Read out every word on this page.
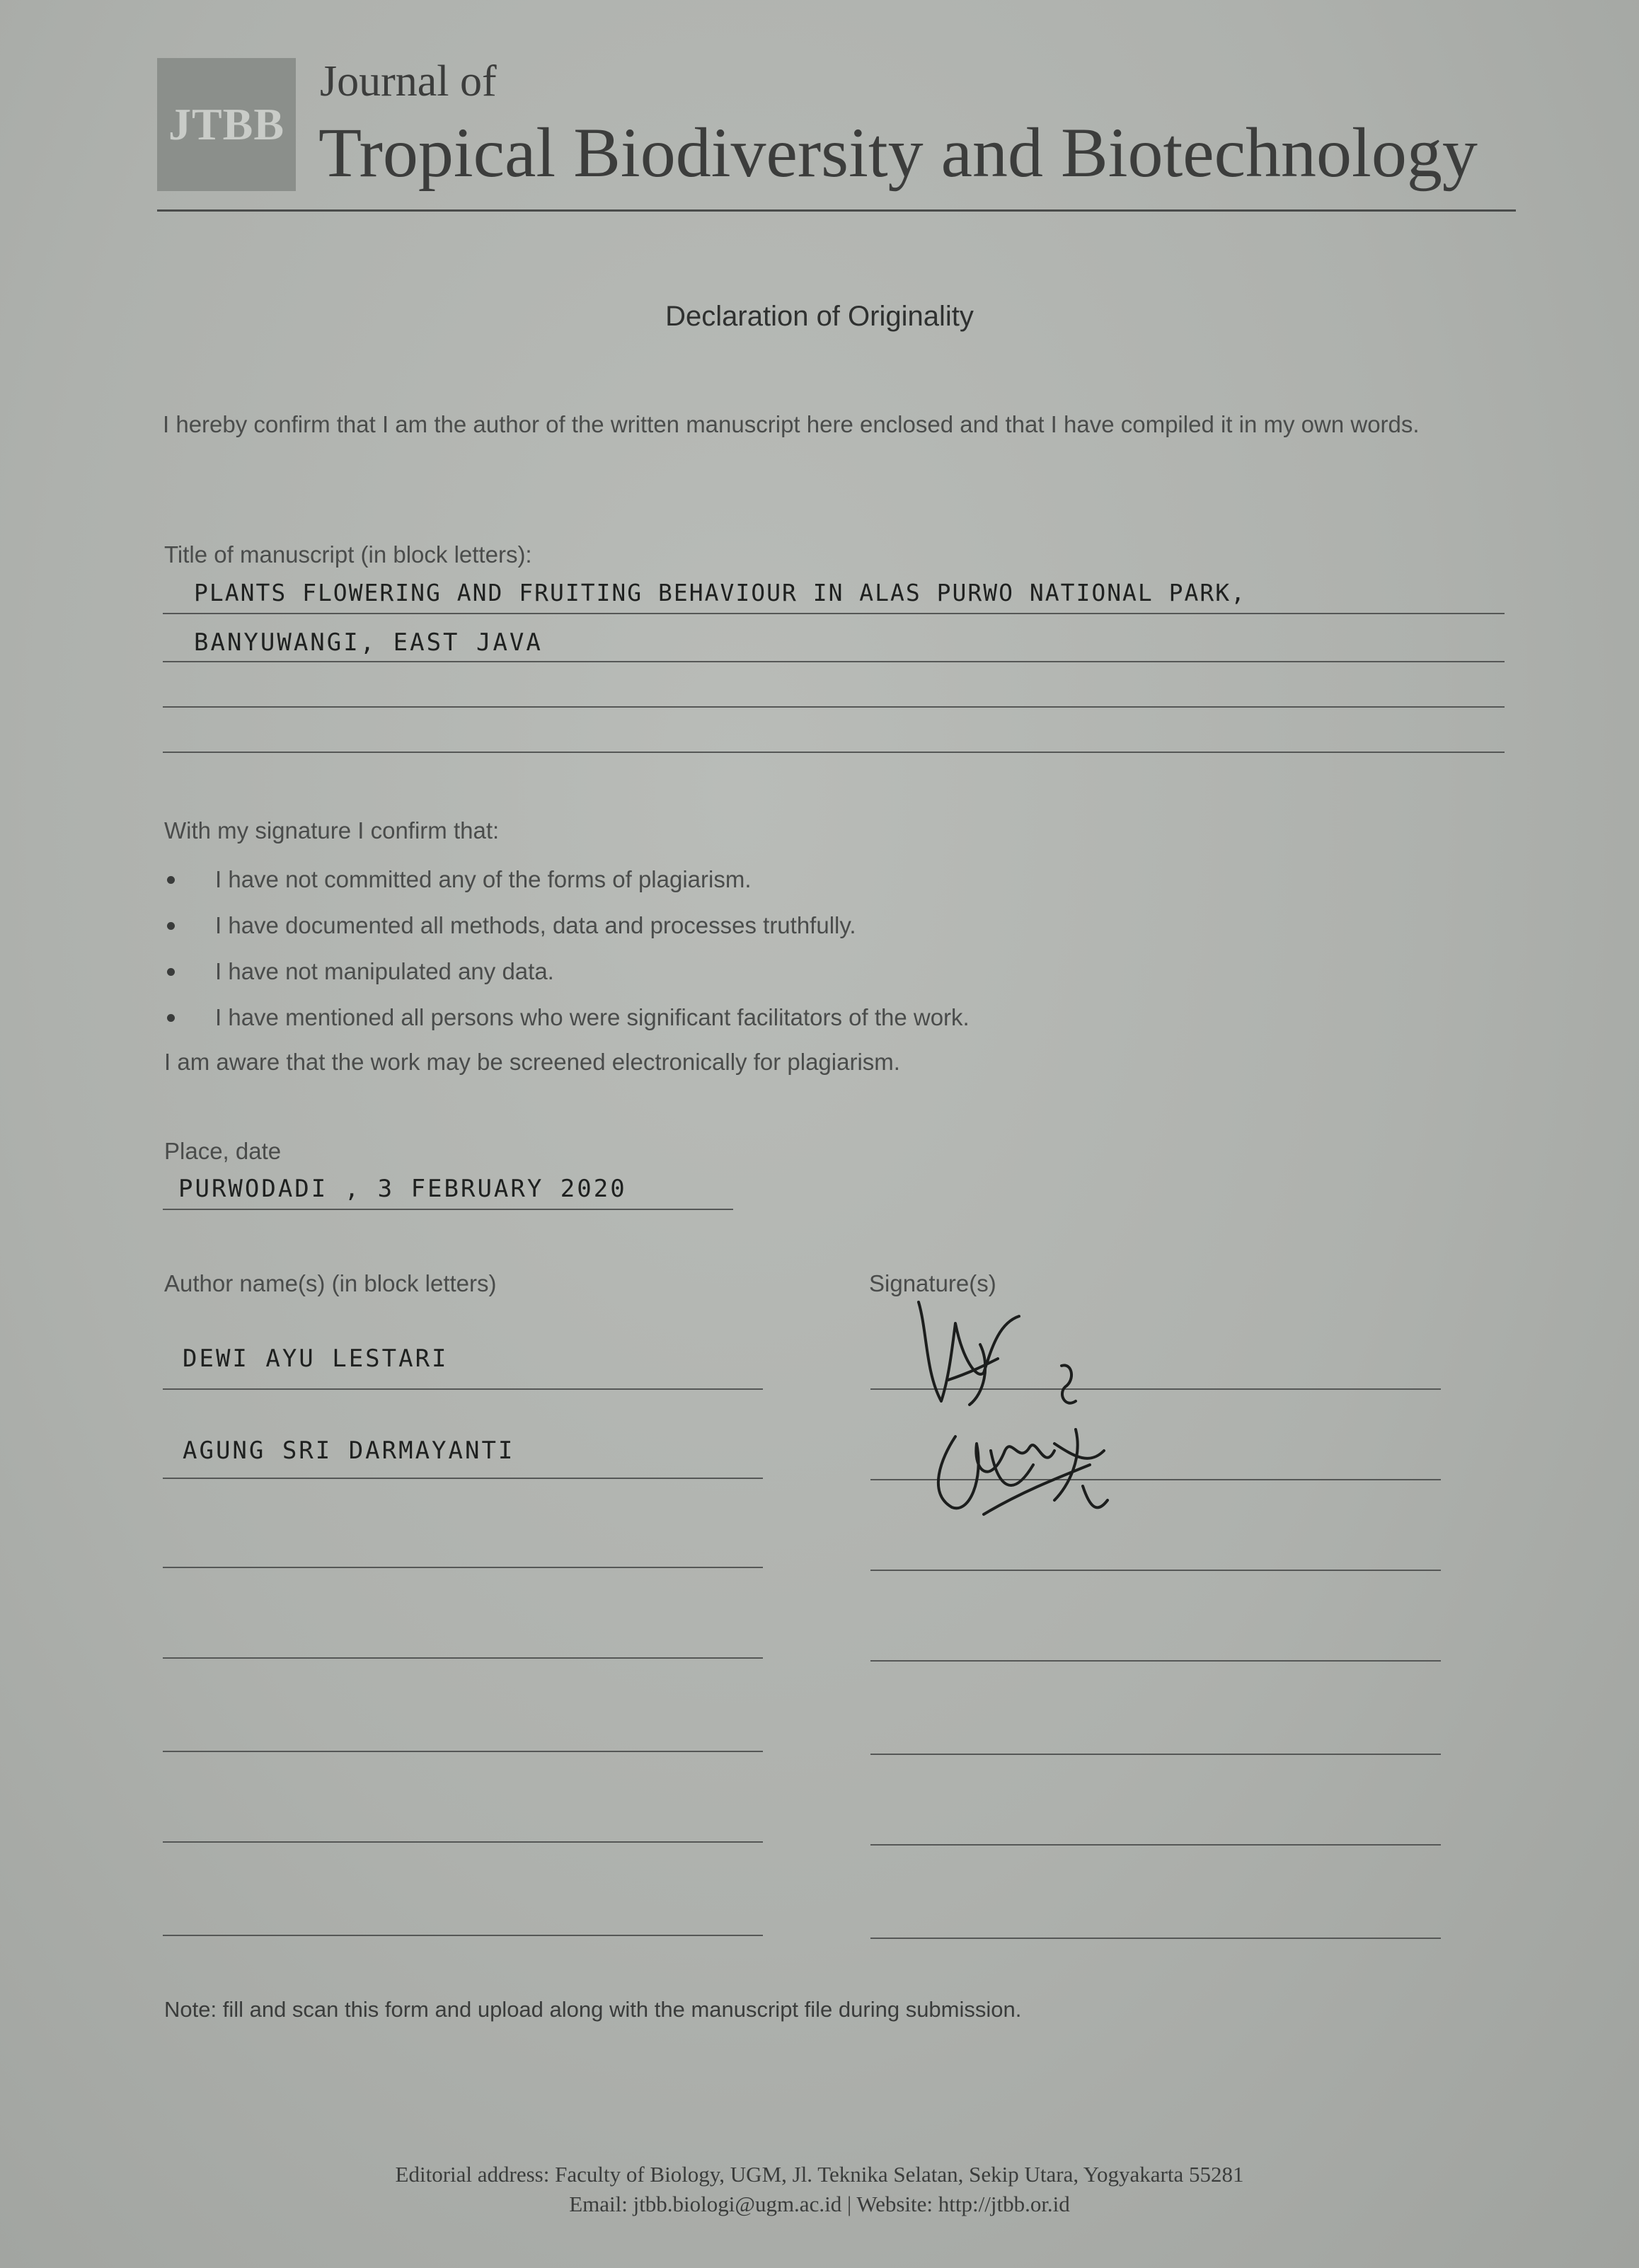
JTBB
Journal of
Tropical Biodiversity and Biotechnology
Declaration of Originality
I hereby confirm that I am the author of the written manuscript here enclosed and that I have compiled it in my own words.
Title of manuscript (in block letters):
PLANTS FLOWERING AND FRUITING BEHAVIOUR IN ALAS PURWO NATIONAL PARK,
BANYUWANGI, EAST JAVA
With my signature I confirm that:
I have not committed any of the forms of plagiarism.
I have documented all methods, data and processes truthfully.
I have not manipulated any data.
I have mentioned all persons who were significant facilitators of the work.
I am aware that the work may be screened electronically for plagiarism.
Place, date
PURWODADI , 3 FEBRUARY 2020
Author name(s) (in block letters)	Signature(s)
DEWI AYU LESTARI
AGUNG SRI DARMAYANTI
Note: fill and scan this form and upload along with the manuscript file during submission.
Editorial address: Faculty of Biology, UGM, Jl. Teknika Selatan, Sekip Utara, Yogyakarta 55281
Email: jtbb.biologi@ugm.ac.id | Website: http://jtbb.or.id
